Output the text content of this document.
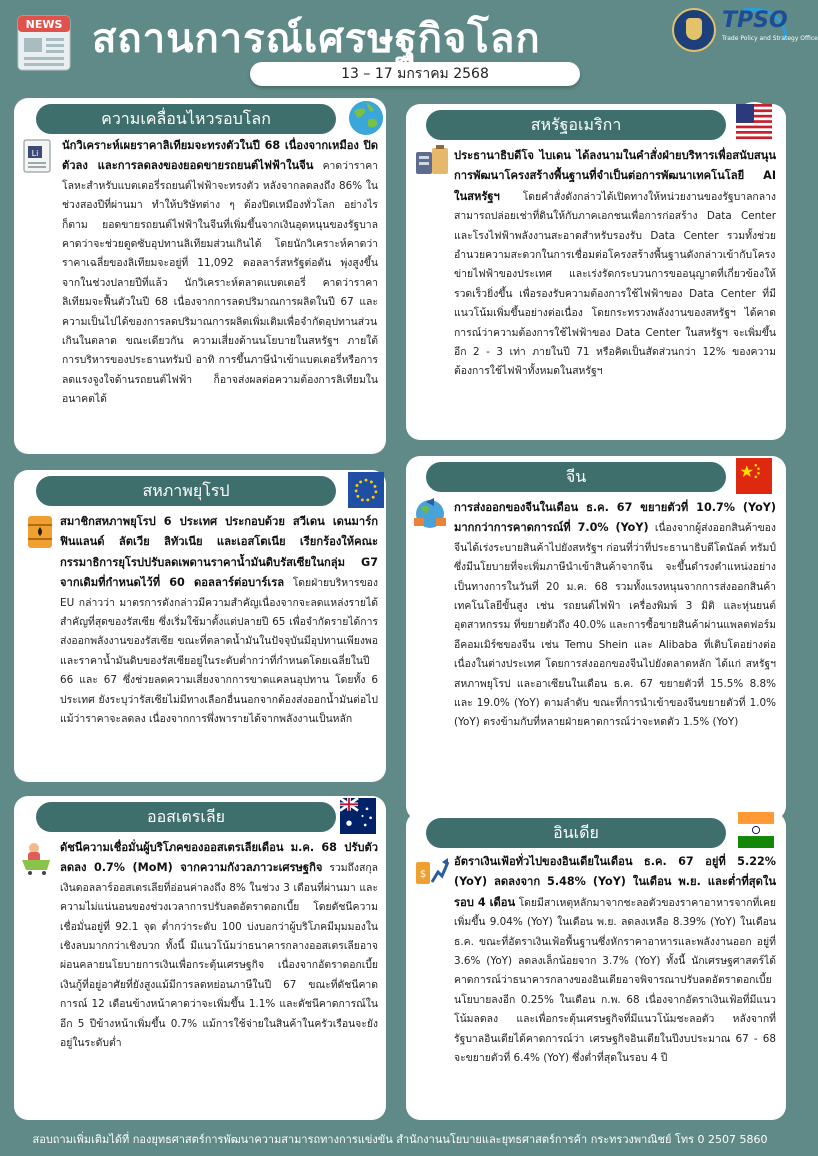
NEWS สถานการณ์เศรษฐกิจโลก	TPSO
Trade Policy and Strategy Office
13 – 17 มกราคม 2568
ความเคลื่อนไหวรอบโลก
Li
นักวิเคราะห์เผยราคาลิเทียมจะทรงตัวในปี 68 เนื่องจากเหมือง ปิดตัวลง และการลดลงของยอดขายรถยนต์ไฟฟ้าในจีน คาดว่าราคาโลหะสำหรับแบตเตอรี่รถยนต์ไฟฟ้าจะทรงตัว หลังจากลดลงถึง 86% ในช่วงสองปีที่ผ่านมา ทำให้บริษัทต่าง ๆ ต้องปิดเหมืองทั่วโลก อย่างไรก็ตาม ยอดขายรถยนต์ไฟฟ้าในจีนที่เพิ่มขึ้นจากเงินอุดหนุนของรัฐบาล คาดว่าจะช่วยดูดซับอุปทานลิเทียมส่วนเกินได้ โดยนักวิเคราะห์คาดว่าราคาเฉลี่ยของลิเทียมจะอยู่ที่ 11,092 ดอลลาร์สหรัฐต่อตัน พุ่งสูงขึ้นจากในช่วงปลายปีที่แล้ว นักวิเคราะห์ตลาดแบตเตอรี่ คาดว่าราคาลิเทียมจะฟื้นตัวในปี 68 เนื่องจากการลดปริมาณการผลิตในปี 67 และความเป็นไปได้ของการลดปริมาณการผลิตเพิ่มเติมเพื่อจำกัดอุปทานส่วนเกินในตลาด ขณะเดียวกัน ความเสี่ยงด้านนโยบายในสหรัฐฯ ภายใต้การบริหารของประธานทรัมป์ อาทิ การขึ้นภาษีนำเข้าแบตเตอรี่หรือการลดแรงจูงใจด้านรถยนต์ไฟฟ้า ก็อาจส่งผลต่อความต้องการลิเทียมในอนาคตได้
สหรัฐอเมริกา
ประธานาธิบดีโจ ไบเดน ได้ลงนามในคำสั่งฝ่ายบริหารเพื่อสนับสนุนการพัฒนาโครงสร้างพื้นฐานที่จำเป็นต่อการพัฒนาเทคโนโลยี AI ในสหรัฐฯ โดยคำสั่งดังกล่าวได้เปิดทางให้หน่วยงานของรัฐบาลกลางสามารถปล่อยเช่าที่ดินให้กับภาคเอกชนเพื่อการก่อสร้าง Data Center และโรงไฟฟ้าพลังงานสะอาดสำหรับรองรับ Data Center รวมทั้งช่วยอำนวยความสะดวกในการเชื่อมต่อโครงสร้างพื้นฐานดังกล่าวเข้ากับโครงข่ายไฟฟ้าของประเทศ และเร่งรัดกระบวนการขออนุญาตที่เกี่ยวข้องให้รวดเร็วยิ่งขึ้น เพื่อรองรับความต้องการใช้ไฟฟ้าของ Data Center ที่มีแนวโน้มเพิ่มขึ้นอย่างต่อเนื่อง โดยกระทรวงพลังงานของสหรัฐฯ ได้คาดการณ์ว่าความต้องการใช้ไฟฟ้าของ Data Center ในสหรัฐฯ จะเพิ่มขึ้นอีก 2 - 3 เท่า ภายในปี 71 หรือคิดเป็นสัดส่วนกว่า 12% ของความต้องการใช้ไฟฟ้าทั้งหมดในสหรัฐฯ
สหภาพยุโรป
สมาชิกสหภาพยุโรป 6 ประเทศ ประกอบด้วย สวีเดน เดนมาร์ก ฟินแลนด์ ลัตเวีย ลิทัวเนีย และเอสโตเนีย เรียกร้องให้คณะกรรมาธิการยุโรปปรับลดเพดานราคาน้ำมันดิบรัสเซียในกลุ่ม G7 จากเดิมที่กำหนดไว้ที่ 60 ดอลลาร์ต่อบาร์เรล โดยฝ่ายบริหารของ EU กล่าวว่า มาตรการดังกล่าวมีความสำคัญเนื่องจากจะลดแหล่งรายได้สำคัญที่สุดของรัสเซีย ซึ่งเริ่มใช้มาตั้งแต่ปลายปี 65 เพื่อจำกัดรายได้การส่งออกพลังงานของรัสเซีย ขณะที่ตลาดน้ำมันในปัจจุบันมีอุปทานเพียงพอและราคาน้ำมันดิบของรัสเซียอยู่ในระดับต่ำกว่าที่กำหนดโดยเฉลี่ยในปี 66 และ 67 ซึ่งช่วยลดความเสี่ยงจากการขาดแคลนอุปทาน โดยทั้ง 6 ประเทศ ยังระบุว่ารัสเซียไม่มีทางเลือกอื่นนอกจากต้องส่งออกน้ำมันต่อไป แม้ว่าราคาจะลดลง เนื่องจากการพึ่งพารายได้จากพลังงานเป็นหลัก
จีน
การส่งออกของจีนในเดือน ธ.ค. 67 ขยายตัวที่ 10.7% (YoY) มากกว่าการคาดการณ์ที่ 7.0% (YoY) เนื่องจากผู้ส่งออกสินค้าของจีนได้เร่งระบายสินค้าไปยังสหรัฐฯ ก่อนที่ว่าที่ประธานาธิบดีโดนัลด์ ทรัมป์ ซึ่งมีนโยบายที่จะเพิ่มภาษีนำเข้าสินค้าจากจีน จะขึ้นดำรงตำแหน่งอย่างเป็นทางการในวันที่ 20 ม.ค. 68 รวมทั้งแรงหนุนจากการส่งออกสินค้าเทคโนโลยีขั้นสูง เช่น รถยนต์ไฟฟ้า เครื่องพิมพ์ 3 มิติ และหุ่นยนต์อุตสาหกรรม ที่ขยายตัวถึง 40.0% และการซื้อขายสินค้าผ่านแพลตฟอร์มอีคอมเมิร์ซของจีน เช่น Temu Shein และ Alibaba ที่เติบโตอย่างต่อเนื่องในต่างประเทศ โดยการส่งออกของจีนไปยังตลาดหลัก ได้แก่ สหรัฐฯ สหภาพยุโรป และอาเซียนในเดือน ธ.ค. 67 ขยายตัวที่ 15.5% 8.8% และ 19.0% (YoY) ตามลำดับ ขณะที่การนำเข้าของจีนขยายตัวที่ 1.0% (YoY) ตรงข้ามกับที่หลายฝ่ายคาดการณ์ว่าจะหดตัว 1.5% (YoY)
ออสเตรเลีย
ดัชนีความเชื่อมั่นผู้บริโภคของออสเตรเลียเดือน ม.ค. 68 ปรับตัวลดลง 0.7% (MoM) จากความกังวลภาวะเศรษฐกิจ รวมถึงสกุลเงินดอลลาร์ออสเตรเลียที่อ่อนค่าลงถึง 8% ในช่วง 3 เดือนที่ผ่านมา และความไม่แน่นอนของช่วงเวลาการปรับลดอัตราดอกเบี้ย โดยดัชนีความเชื่อมั่นอยู่ที่ 92.1 จุด ต่ำกว่าระดับ 100 บ่งบอกว่าผู้บริโภคมีมุมมองในเชิงลบมากกว่าเชิงบวก ทั้งนี้ มีแนวโน้มว่าธนาคารกลางออสเตรเลียอาจผ่อนคลายนโยบายการเงินเพื่อกระตุ้นเศรษฐกิจ เนื่องจากอัตราดอกเบี้ยเงินกู้ที่อยู่อาศัยที่ยังสูงแม้มีการลดหย่อนภาษีในปี 67 ขณะที่ดัชนีคาดการณ์ 12 เดือนข้างหน้าคาดว่าจะเพิ่มขึ้น 1.1% และดัชนีคาดการณ์ในอีก 5 ปีข้างหน้าเพิ่มขึ้น 0.7% แม้การใช้จ่ายในสินค้าในครัวเรือนจะยังอยู่ในระดับต่ำ
อินเดีย
$
อัตราเงินเฟ้อทั่วไปของอินเดียในเดือน ธ.ค. 67 อยู่ที่ 5.22% (YoY) ลดลงจาก 5.48% (YoY) ในเดือน พ.ย. และต่ำที่สุดในรอบ 4 เดือน โดยมีสาเหตุหลักมาจากชะลอตัวของราคาอาหารจากที่เคยเพิ่มขึ้น 9.04% (YoY) ในเดือน พ.ย. ลดลงเหลือ 8.39% (YoY) ในเดือน ธ.ค. ขณะที่อัตราเงินเฟ้อพื้นฐานซึ่งหักราคาอาหารและพลังงานออก อยู่ที่ 3.6% (YoY) ลดลงเล็กน้อยจาก 3.7% (YoY) ทั้งนี้ นักเศรษฐศาสตร์ได้คาดการณ์ว่าธนาคารกลางของอินเดียอาจพิจารณาปรับลดอัตราดอกเบี้ยนโยบายลงอีก 0.25% ในเดือน ก.พ. 68 เนื่องจากอัตราเงินเฟ้อที่มีแนวโน้มลดลง และเพื่อกระตุ้นเศรษฐกิจที่มีแนวโน้มชะลอตัว หลังจากที่รัฐบาลอินเดียได้คาดการณ์ว่า เศรษฐกิจอินเดียในปีงบประมาณ 67 - 68 จะขยายตัวที่ 6.4% (YoY) ซึ่งต่ำที่สุดในรอบ 4 ปี
สอบถามเพิ่มเติมได้ที่ กองยุทธศาสตร์การพัฒนาความสามารถทางการแข่งขัน สำนักงานนโยบายและยุทธศาสตร์การค้า กระทรวงพาณิชย์ โทร 0 2507 5860
